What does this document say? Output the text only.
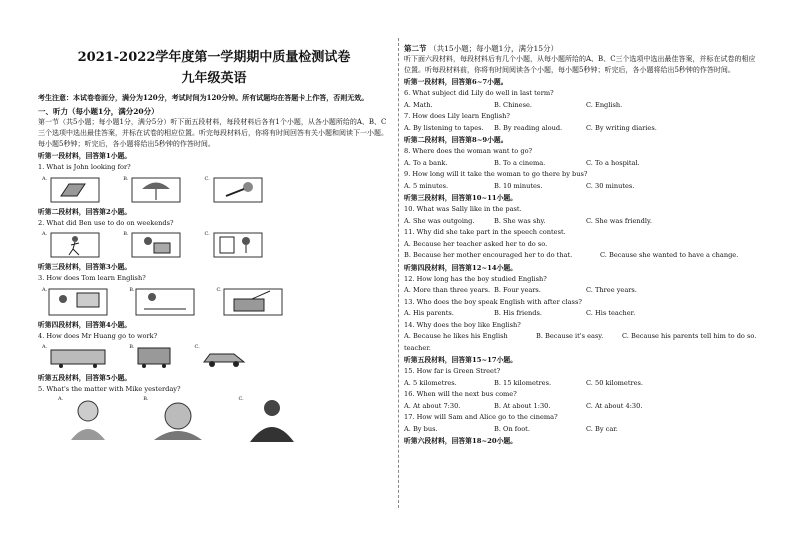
2021-2022学年度第一学期期中质量检测试卷
九年级英语

考生注意：本试卷卷面分，满分为120分，考试时间为120分钟。所有试题均在答题卡上作答，否则无效。

一、听力（每小题1分，满分20分）

第一节（共5小题；每小题1分，满分5分）听下面五段材料，每段材料后各有1个小题，从各小题所给的A、B、C三个选项中选出最佳答案，并标在试卷的相应位置。听完每段材料后，你将有时间回答有关小题和阅读下一小题。每小题5秒钟；听完后，各小题将给出5秒钟的作答时间。

听第一段材料，回答第1小题。

1. What is John looking for?

A.	B.	C.

听第二段材料，回答第2小题。

2. What did Ben use to do on weekends?

A.	B.	C.

听第三段材料，回答第3小题。

3. How does Tom learn English?

A.	B.	C.

听第四段材料，回答第4小题。

4. How does Mr Huang go to work?

A.	B.	C.

听第五段材料，回答第5小题。

5. What's the matter with Mike yesterday?

A.	B.	C.

第二节 （共15小题；每小题1分，满分15分）

听下面六段材料，每段材料后有几个小题，从每小题所给的A、B、C三个选项中选出最佳答案，并标在试卷的相应位置。听每段材料前，你将有时间阅读各个小题，每小题5秒钟；听完后，各小题将给出5秒钟的作答时间。

听第一段材料，回答第6~7小题。

6. What subject did Lily do well in last term?

A. Math.	B. Chinese.	C. English.

7. How does Lily learn English?

A. By listening to tapes.	B. By reading aloud.	C. By writing diaries.

听第二段材料，回答第8~9小题。

8. Where does the woman want to go?

A. To a bank.	B. To a cinema.	C. To a hospital.

9. How long will it take the woman to go there by bus?

A. 5 minutes.	B. 10 minutes.	C. 30 minutes.

听第三段材料，回答第10~11小题。

10. What was Sally like in the past.

A. She was outgoing.	B. She was shy.	C. She was friendly.

11. Why did she take part in the speech contest.

A. Because her teacher asked her to do so.

B. Because her mother encouraged her to do that.	C. Because she wanted to have a change.

听第四段材料，回答第12~14小题。

12. How long has the boy studied English?

A. More than three years. B. Four years.	C. Three years.

13. Who does the boy speak English with after class?

A. His parents.	B. His friends.	C. His teacher.

14. Why does the boy like English?

A. Because he likes his English teacher.
B. Because it's easy.	C. Because his parents tell him to do so.

听第五段材料，回答第15~17小题。

15. How far is Green Street?

A. 5 kilometres.	B. 15 kilometres.	C. 50 kilometres.

16. When will the next bus come?

A. At about 7:30.	B. At about 1:30.	C. At about 4:30.

17. How will Sam and Alice go to the cinema?

A. By bus.	B. On foot.	C. By car.

听第六段材料，回答第18~20小题。
